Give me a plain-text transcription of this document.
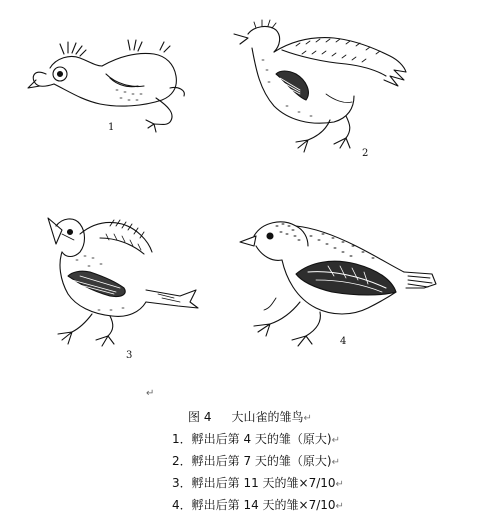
1
2
3
4
↵
图 4 大山雀的雏鸟↵
1．孵出后第 4 天的雏（原大)↵
2．孵出后第 7 天的雏（原大)↵
3．孵出后第 11 天的雏×7/10↵
4．孵出后第 14 天的雏×7/10↵
